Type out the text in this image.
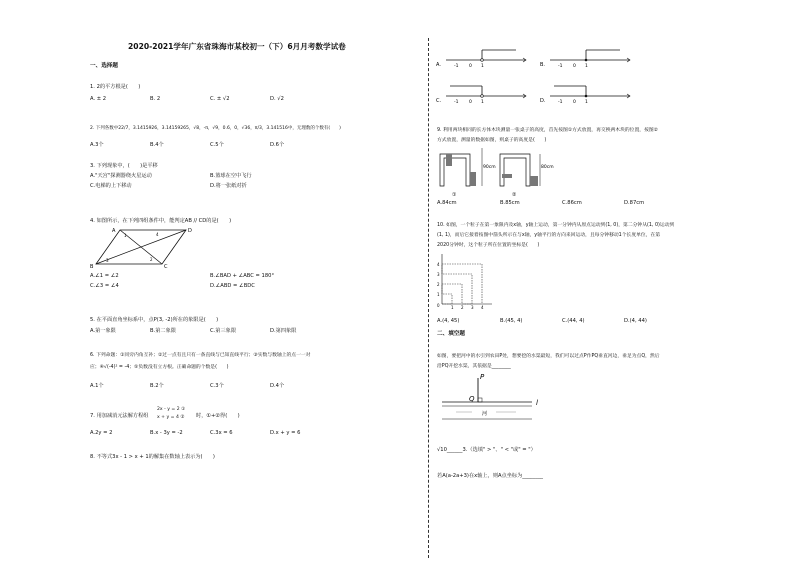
2020-2021学年广东省珠海市某校初一（下）6月月考数学试卷
一、选择题
1. 2的平方根是(　　)
A. ± 2	B. 2	C. ± √2	D. √2
2. 下列各数中22/7，3.1415926，3.14159265，√8，-π，√9，0.6，0，√36，π/3，3.141516中，无理数的个数有(　　)
A.3个	B.4个	C.5个	D.6个
3. 下列现象中，(　　)是平移
A."天宫"探测器绕火星运动	B.篮球在空中飞行
C.电梯的上下移动	D.将一张纸对折
4. 如图所示，在下列四组条件中，能判定AB // CD的是(　　)
A	D
B	C
1	4
3	2
A.∠1 = ∠2	B.∠BAD + ∠ABC = 180°
C.∠3 = ∠4	D.∠ABD = ∠BDC
5. 在平面直角坐标系中，点P(3, -2)所在的象限是(　　)
A.第一象限	B.第二象限	C.第三象限	D.第四象限
6. 下列命题：①同旁内角互补；②过一点有且只有一条直线与已知直线平行；③实数与数轴上的点一一对
应；④√(-4)² = -4；⑤负数没有立方根。正确命题的个数是(　　)
A.1个	B.2个	C.3个	D.4个
7. 用加减消元法解方程组
2x - y = 2 ①
x + y = 4 ② 时，①+②得(　　)
A.2y = 2	B.x - 3y = -2	C.3x = 6	D.x + y = 6
8. 不等式3x - 1 > x + 1的解集在数轴上表示为(　　)
A.	-1 0 1	B.	-1 0 1
C.	-1 0 1	D.	-1 0 1
9. 利用两块相同的长方体木块测量一张桌子的高度，首先按图①方式放置，再交换两木块的位置，按图②
方式放置，测量的数据如图，则桌子的高度是(　　)
90cm
①
80cm
②
A.84cm	B.85cm	C.86cm	D.87cm
10. 如图，一个粒子在第一象限内及x轴，y轴上运动，第一分钟内从原点运动到(1, 0)，第二分钟从(1, 0)运动到
(1, 1)，而后它接着按图中箭头所示在与x轴，y轴平行的方向来回运动，且每分钟移动1个长度单位，在第
2020分钟时，这个粒子所在位置的坐标是(　　)
0
1
2
3
4
1 2 3 4
A.(4, 45)	B.(45, 4)	C.(44, 4)	D.(4, 44)
二、填空题
如图，要把河中的水引到农田P处，想要挖的水渠最短，我们可以过点P作PQ垂直河边，垂足为点Q，然后
沿PQ开挖水渠，其依据是________
P
Q	l
河
√10______3.（选填" > "、" < "或" = "）
若A(a-2a+3)在x轴上，则A点坐标为________
